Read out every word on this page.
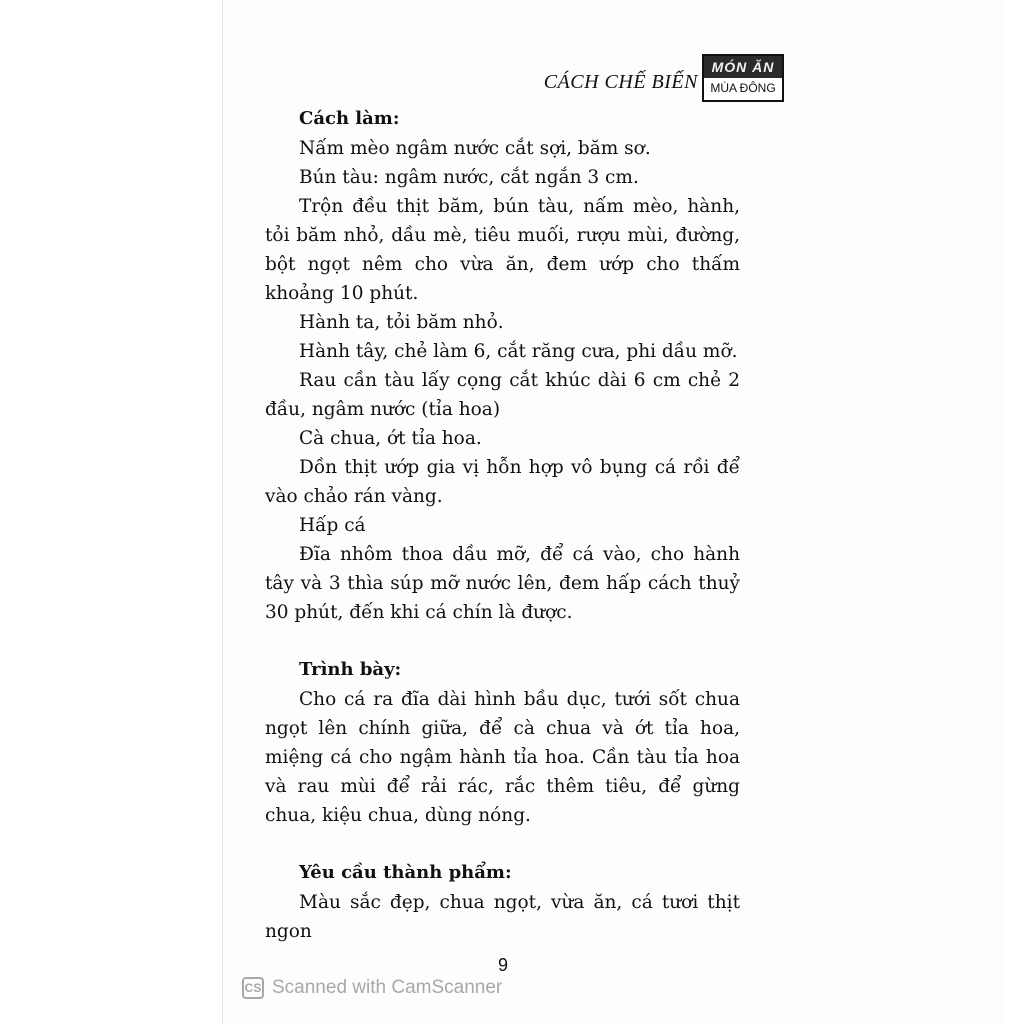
CÁCH CHẾ BIẾN
MÓN ĂN
MÙA ĐÔNG
Cách làm:

Nấm mèo ngâm nước cắt sợi, băm sơ.

Bún tàu: ngâm nước, cắt ngắn 3 cm.

Trộn đều thịt băm, bún tàu, nấm mèo, hành, tỏi băm nhỏ, dầu mè, tiêu muối, rượu mùi, đường, bột ngọt nêm cho vừa ăn, đem ướp cho thấm khoảng 10 phút.

Hành ta, tỏi băm nhỏ.

Hành tây, chẻ làm 6, cắt răng cưa, phi dầu mỡ.

Rau cần tàu lấy cọng cắt khúc dài 6 cm chẻ 2 đầu, ngâm nước (tỉa hoa)

Cà chua, ớt tỉa hoa.

Dồn thịt ướp gia vị hỗn hợp vô bụng cá rồi để vào chảo rán vàng.

Hấp cá

Đĩa nhôm thoa dầu mỡ, để cá vào, cho hành tây và 3 thìa súp mỡ nước lên, đem hấp cách thuỷ 30 phút, đến khi cá chín là được.

Trình bày:

Cho cá ra đĩa dài hình bầu dục, tưới sốt chua ngọt lên chính giữa, để cà chua và ớt tỉa hoa, miệng cá cho ngậm hành tỉa hoa. Cần tàu tỉa hoa và rau mùi để rải rác, rắc thêm tiêu, để gừng chua, kiệu chua, dùng nóng.

Yêu cầu thành phẩm:

Màu sắc đẹp, chua ngọt, vừa ăn, cá tươi thịt ngon

9
CS Scanned with CamScanner
